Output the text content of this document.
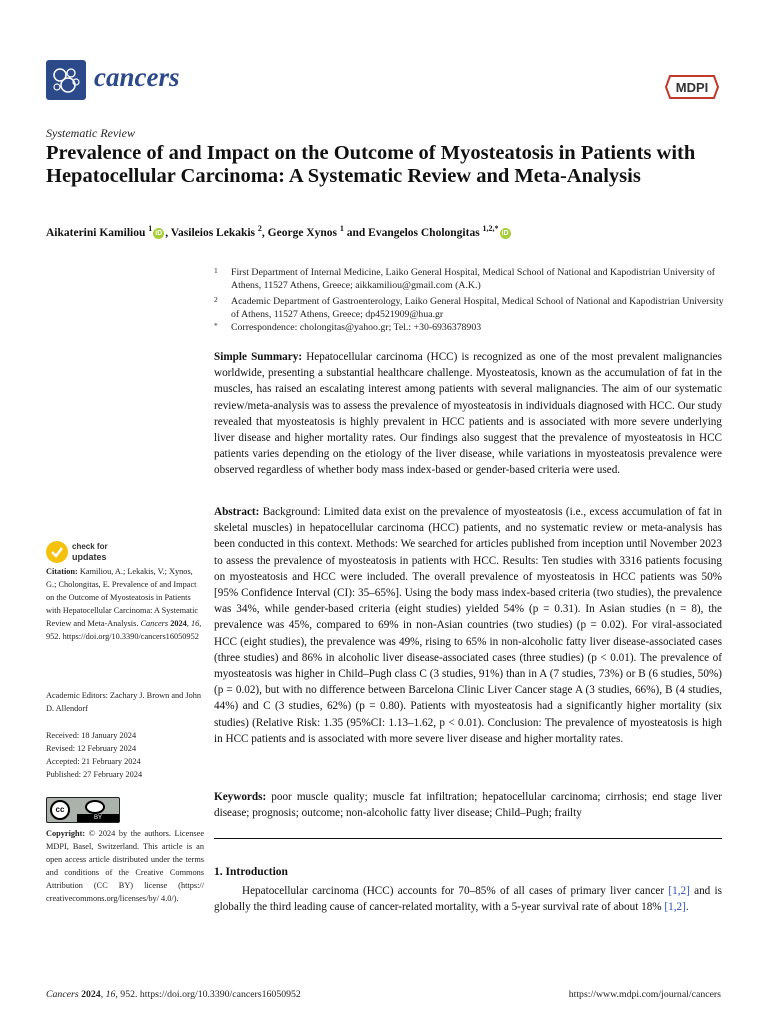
cancers	MDPI
Systematic Review
Prevalence of and Impact on the Outcome of Myosteatosis in Patients with Hepatocellular Carcinoma: A Systematic Review and Meta-Analysis
Aikaterini Kamiliou $^1$iD , Vasileios Lekakis $^2$, George Xynos $^1$ and Evangelos Cholongitas $^{1,2,*}$iD
1 First Department of Internal Medicine, Laiko General Hospital, Medical School of National and Kapodistrian University of Athens, 11527 Athens, Greece; aikkamiliou@gmail.com (A.K.)
2 Academic Department of Gastroenterology, Laiko General Hospital, Medical School of National and Kapodistrian University of Athens, 11527 Athens, Greece; dp4521909@hua.gr
* Correspondence: cholongitas@yahoo.gr; Tel.: +30-6936378903
Simple Summary: Hepatocellular carcinoma (HCC) is recognized as one of the most prevalent malignancies worldwide, presenting a substantial healthcare challenge. Myosteatosis, known as the accumulation of fat in the muscles, has raised an escalating interest among patients with several malignancies. The aim of our systematic review/meta-analysis was to assess the prevalence of myosteatosis in individuals diagnosed with HCC. Our study revealed that myosteatosis is highly prevalent in HCC patients and is associated with more severe underlying liver disease and higher mortality rates. Our findings also suggest that the prevalence of myosteatosis in HCC patients varies depending on the etiology of the liver disease, while variations in myosteatosis prevalence were observed regardless of whether body mass index-based or gender-based criteria were used.
Abstract: Background: Limited data exist on the prevalence of myosteatosis (i.e., excess accumulation of fat in skeletal muscles) in hepatocellular carcinoma (HCC) patients, and no systematic review or meta-analysis has been conducted in this context. Methods: We searched for articles published from inception until November 2023 to assess the prevalence of myosteatosis in patients with HCC. Results: Ten studies with 3316 patients focusing on myosteatosis and HCC were included. The overall prevalence of myosteatosis in HCC patients was 50% [95% Confidence Interval (CI): 35–65%]. Using the body mass index-based criteria (two studies), the prevalence was 34%, while gender-based criteria (eight studies) yielded 54% (p = 0.31). In Asian studies (n = 8), the prevalence was 45%, compared to 69% in non-Asian countries (two studies) (p = 0.02). For viral-associated HCC (eight studies), the prevalence was 49%, rising to 65% in non-alcoholic fatty liver disease-associated cases (three studies) and 86% in alcoholic liver disease-associated cases (three studies) (p < 0.01). The prevalence of myosteatosis was higher in Child–Pugh class C (3 studies, 91%) than in A (7 studies, 73%) or B (6 studies, 50%) (p = 0.02), but with no difference between Barcelona Clinic Liver Cancer stage A (3 studies, 66%), B (4 studies, 44%) and C (3 studies, 62%) (p = 0.80). Patients with myosteatosis had a significantly higher mortality (six studies) (Relative Risk: 1.35 (95%CI: 1.13–1.62, p < 0.01). Conclusion: The prevalence of myosteatosis is high in HCC patients and is associated with more severe liver disease and higher mortality rates.
Keywords: poor muscle quality; muscle fat infiltration; hepatocellular carcinoma; cirrhosis; end stage liver disease; prognosis; outcome; non-alcoholic fatty liver disease; Child–Pugh; frailty
1. Introduction
Hepatocellular carcinoma (HCC) accounts for 70–85% of all cases of primary liver cancer [1,2] and is globally the third leading cause of cancer-related mortality, with a 5-year survival rate of about 18% [1,2].
check for
updates
Citation: Kamiliou, A.; Lekakis, V.; Xynos, G.; Cholongitas, E. Prevalence of and Impact on the Outcome of Myosteatosis in Patients with Hepatocellular Carcinoma: A Systematic Review and Meta-Analysis. Cancers 2024, 16, 952. https://doi.org/10.3390/cancers16050952
Academic Editors: Zachary J. Brown and John D. Allendorf
Received: 18 January 2024
Revised: 12 February 2024
Accepted: 21 February 2024
Published: 27 February 2024
cc
BY
Copyright: © 2024 by the authors. Licensee MDPI, Basel, Switzerland. This article is an open access article distributed under the terms and conditions of the Creative Commons Attribution (CC BY) license (https:// creativecommons.org/licenses/by/ 4.0/).
Cancers 2024, 16, 952. https://doi.org/10.3390/cancers16050952	https://www.mdpi.com/journal/cancers
